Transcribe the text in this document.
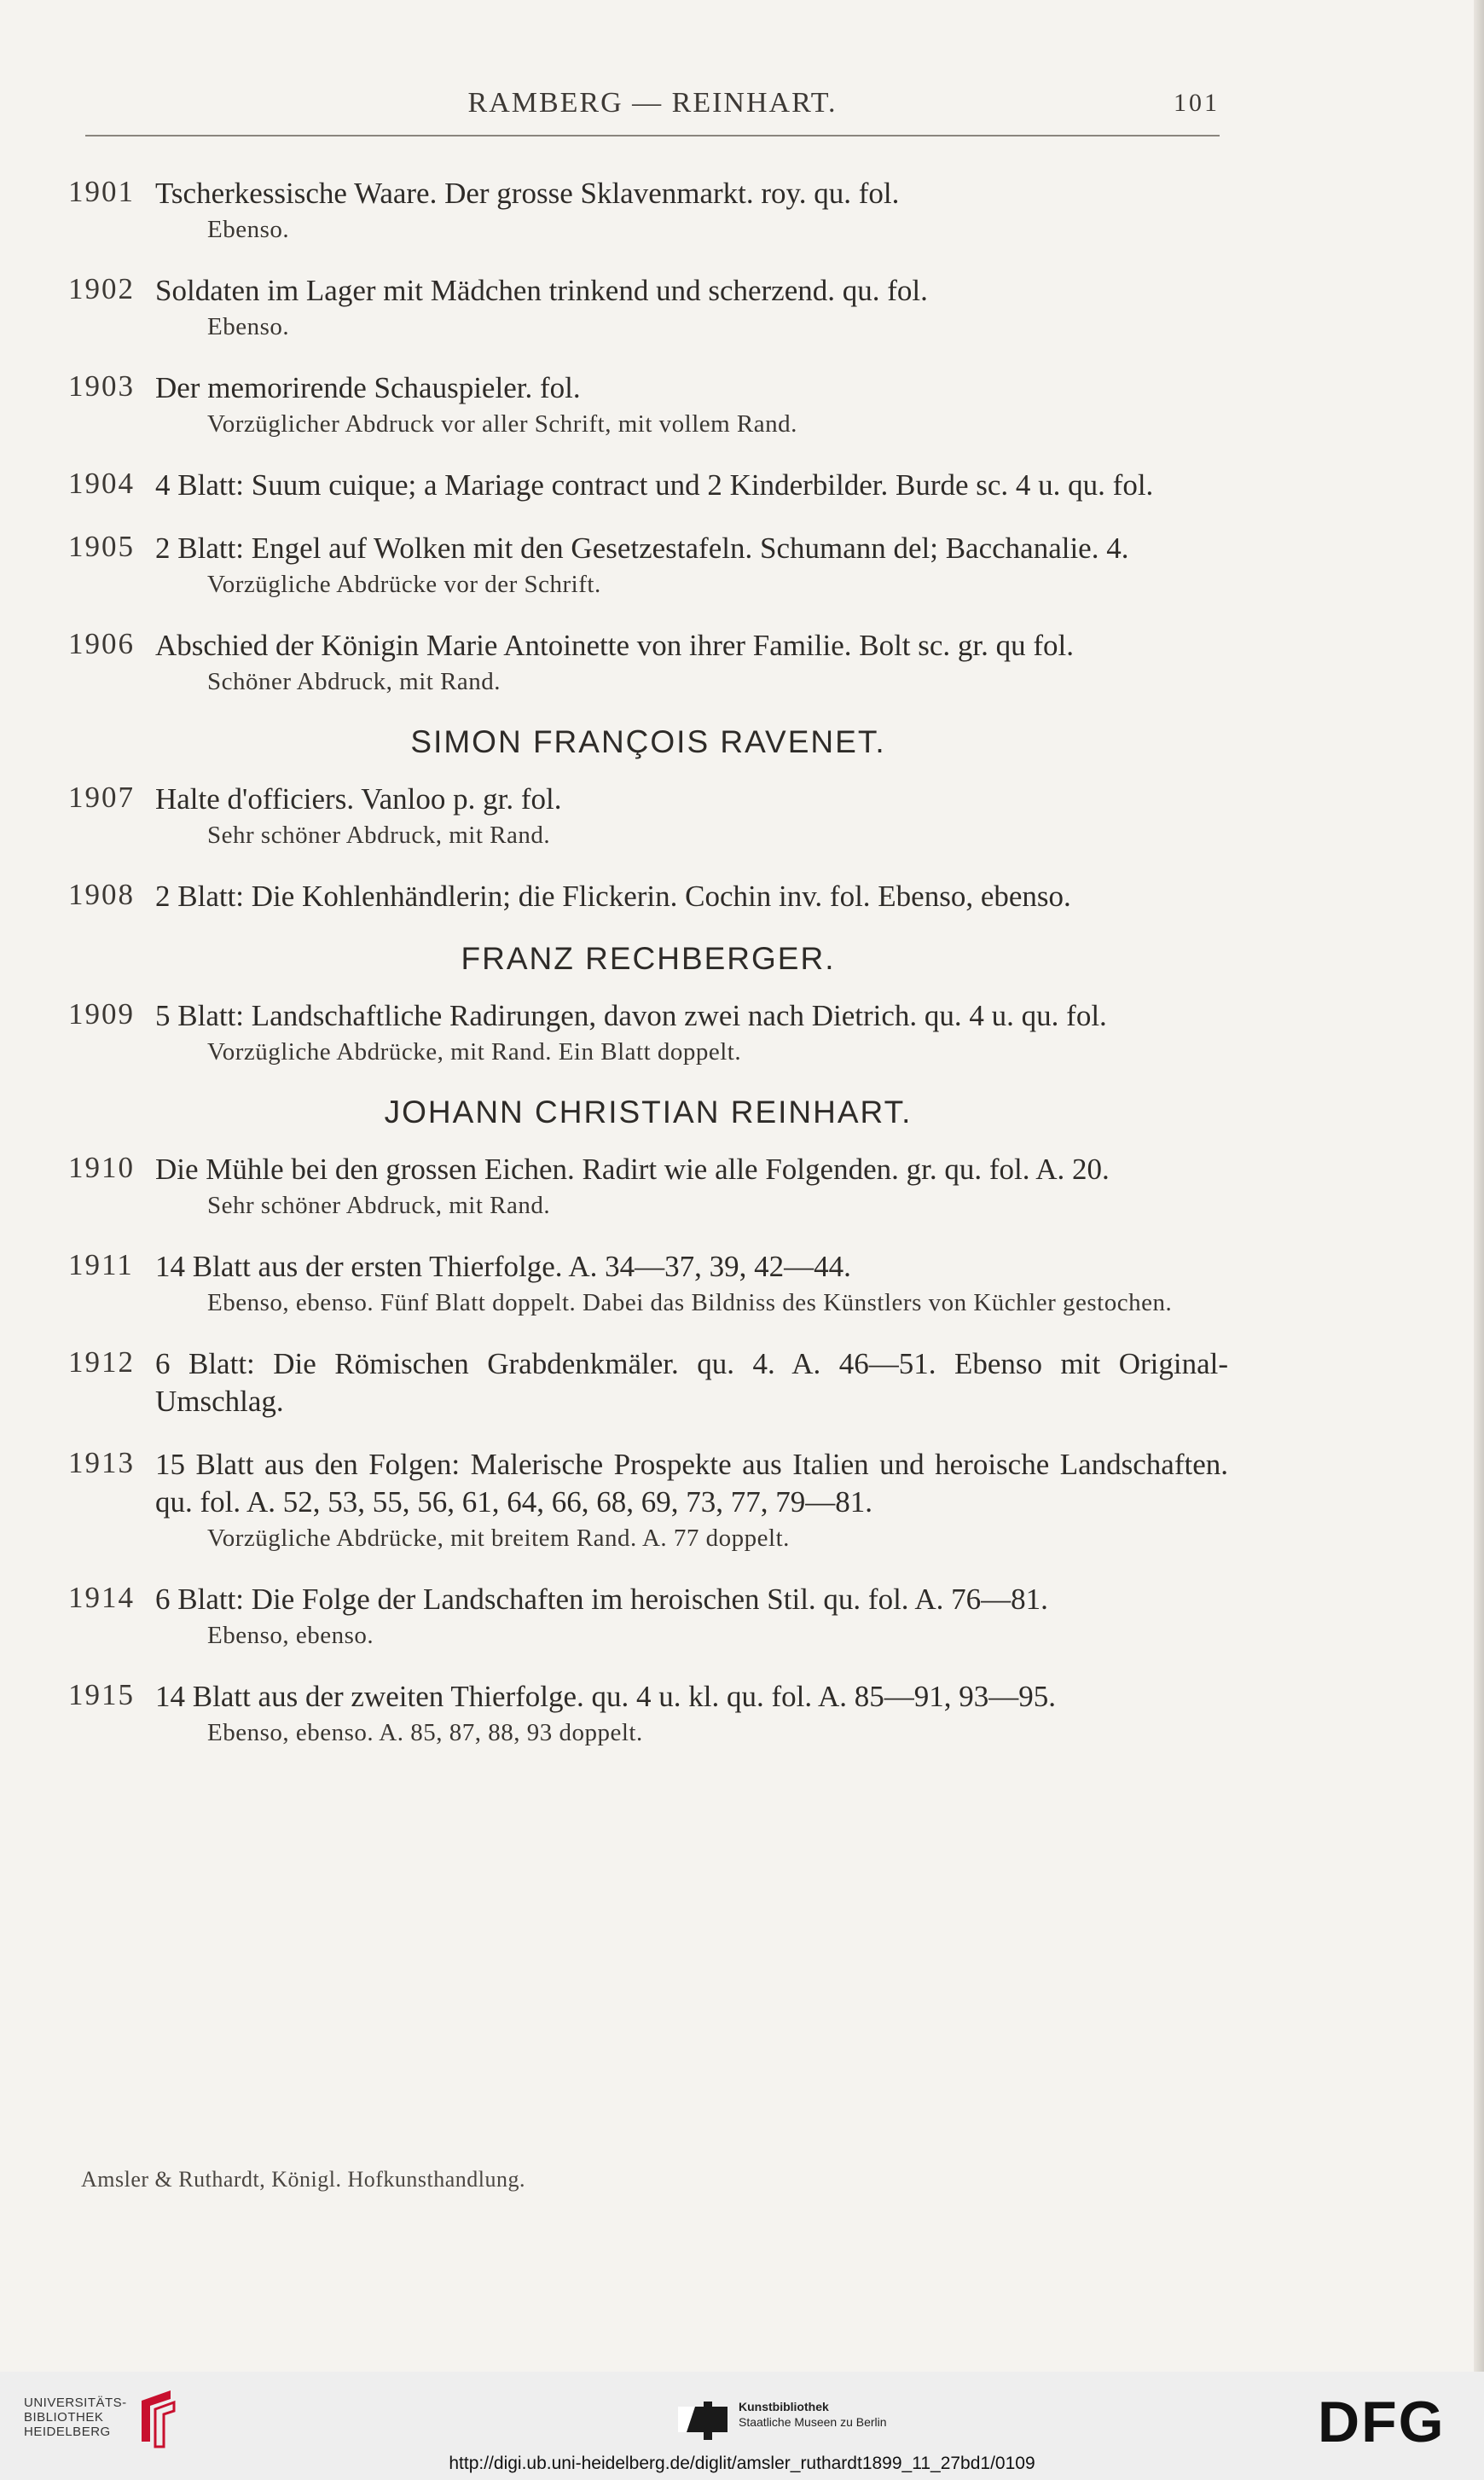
RAMBERG — REINHART.	101
1901 Tscherkessische Waare. Der grosse Sklavenmarkt. roy. qu. fol.
Ebenso.
1902 Soldaten im Lager mit Mädchen trinkend und scherzend. qu. fol.
Ebenso.
1903 Der memorirende Schauspieler. fol.
Vorzüglicher Abdruck vor aller Schrift, mit vollem Rand.
1904 4 Blatt: Suum cuique; a Mariage contract und 2 Kinderbilder. Burde sc. 4 u. qu. fol.
1905 2 Blatt: Engel auf Wolken mit den Gesetzestafeln. Schumann del; Bacchanalie. 4.
Vorzügliche Abdrücke vor der Schrift.
1906 Abschied der Königin Marie Antoinette von ihrer Familie. Bolt sc. gr. qu fol.
Schöner Abdruck, mit Rand.
SIMON FRANÇOIS RAVENET.
1907 Halte d'officiers. Vanloo p. gr. fol.
Sehr schöner Abdruck, mit Rand.
1908 2 Blatt: Die Kohlenhändlerin; die Flickerin. Cochin inv. fol. Ebenso, ebenso.
FRANZ RECHBERGER.
1909 5 Blatt: Landschaftliche Radirungen, davon zwei nach Dietrich. qu. 4 u. qu. fol.
Vorzügliche Abdrücke, mit Rand. Ein Blatt doppelt.
JOHANN CHRISTIAN REINHART.
1910 Die Mühle bei den grossen Eichen. Radirt wie alle Folgenden. gr. qu. fol. A. 20.
Sehr schöner Abdruck, mit Rand.
1911 14 Blatt aus der ersten Thierfolge. A. 34—37, 39, 42—44.
Ebenso, ebenso. Fünf Blatt doppelt. Dabei das Bildniss des Künstlers von Küchler gestochen.
1912 6 Blatt: Die Römischen Grabdenkmäler. qu. 4. A. 46—51. Ebenso mit Original-Umschlag.
1913 15 Blatt aus den Folgen: Malerische Prospekte aus Italien und heroische Landschaften. qu. fol. A. 52, 53, 55, 56, 61, 64, 66, 68, 69, 73, 77, 79—81.
Vorzügliche Abdrücke, mit breitem Rand. A. 77 doppelt.
1914 6 Blatt: Die Folge der Landschaften im heroischen Stil. qu. fol. A. 76—81.
Ebenso, ebenso.
1915 14 Blatt aus der zweiten Thierfolge. qu. 4 u. kl. qu. fol. A. 85—91, 93—95.
Ebenso, ebenso. A. 85, 87, 88, 93 doppelt.
Amsler & Ruthardt, Königl. Hofkunsthandlung.
UNIVERSITÄTS-
BIBLIOTHEK
HEIDELBERG
Kunstbibliothek
Staatliche Museen zu Berlin	DFG
http://digi.ub.uni-heidelberg.de/diglit/amsler_ruthardt1899_11_27bd1/0109
